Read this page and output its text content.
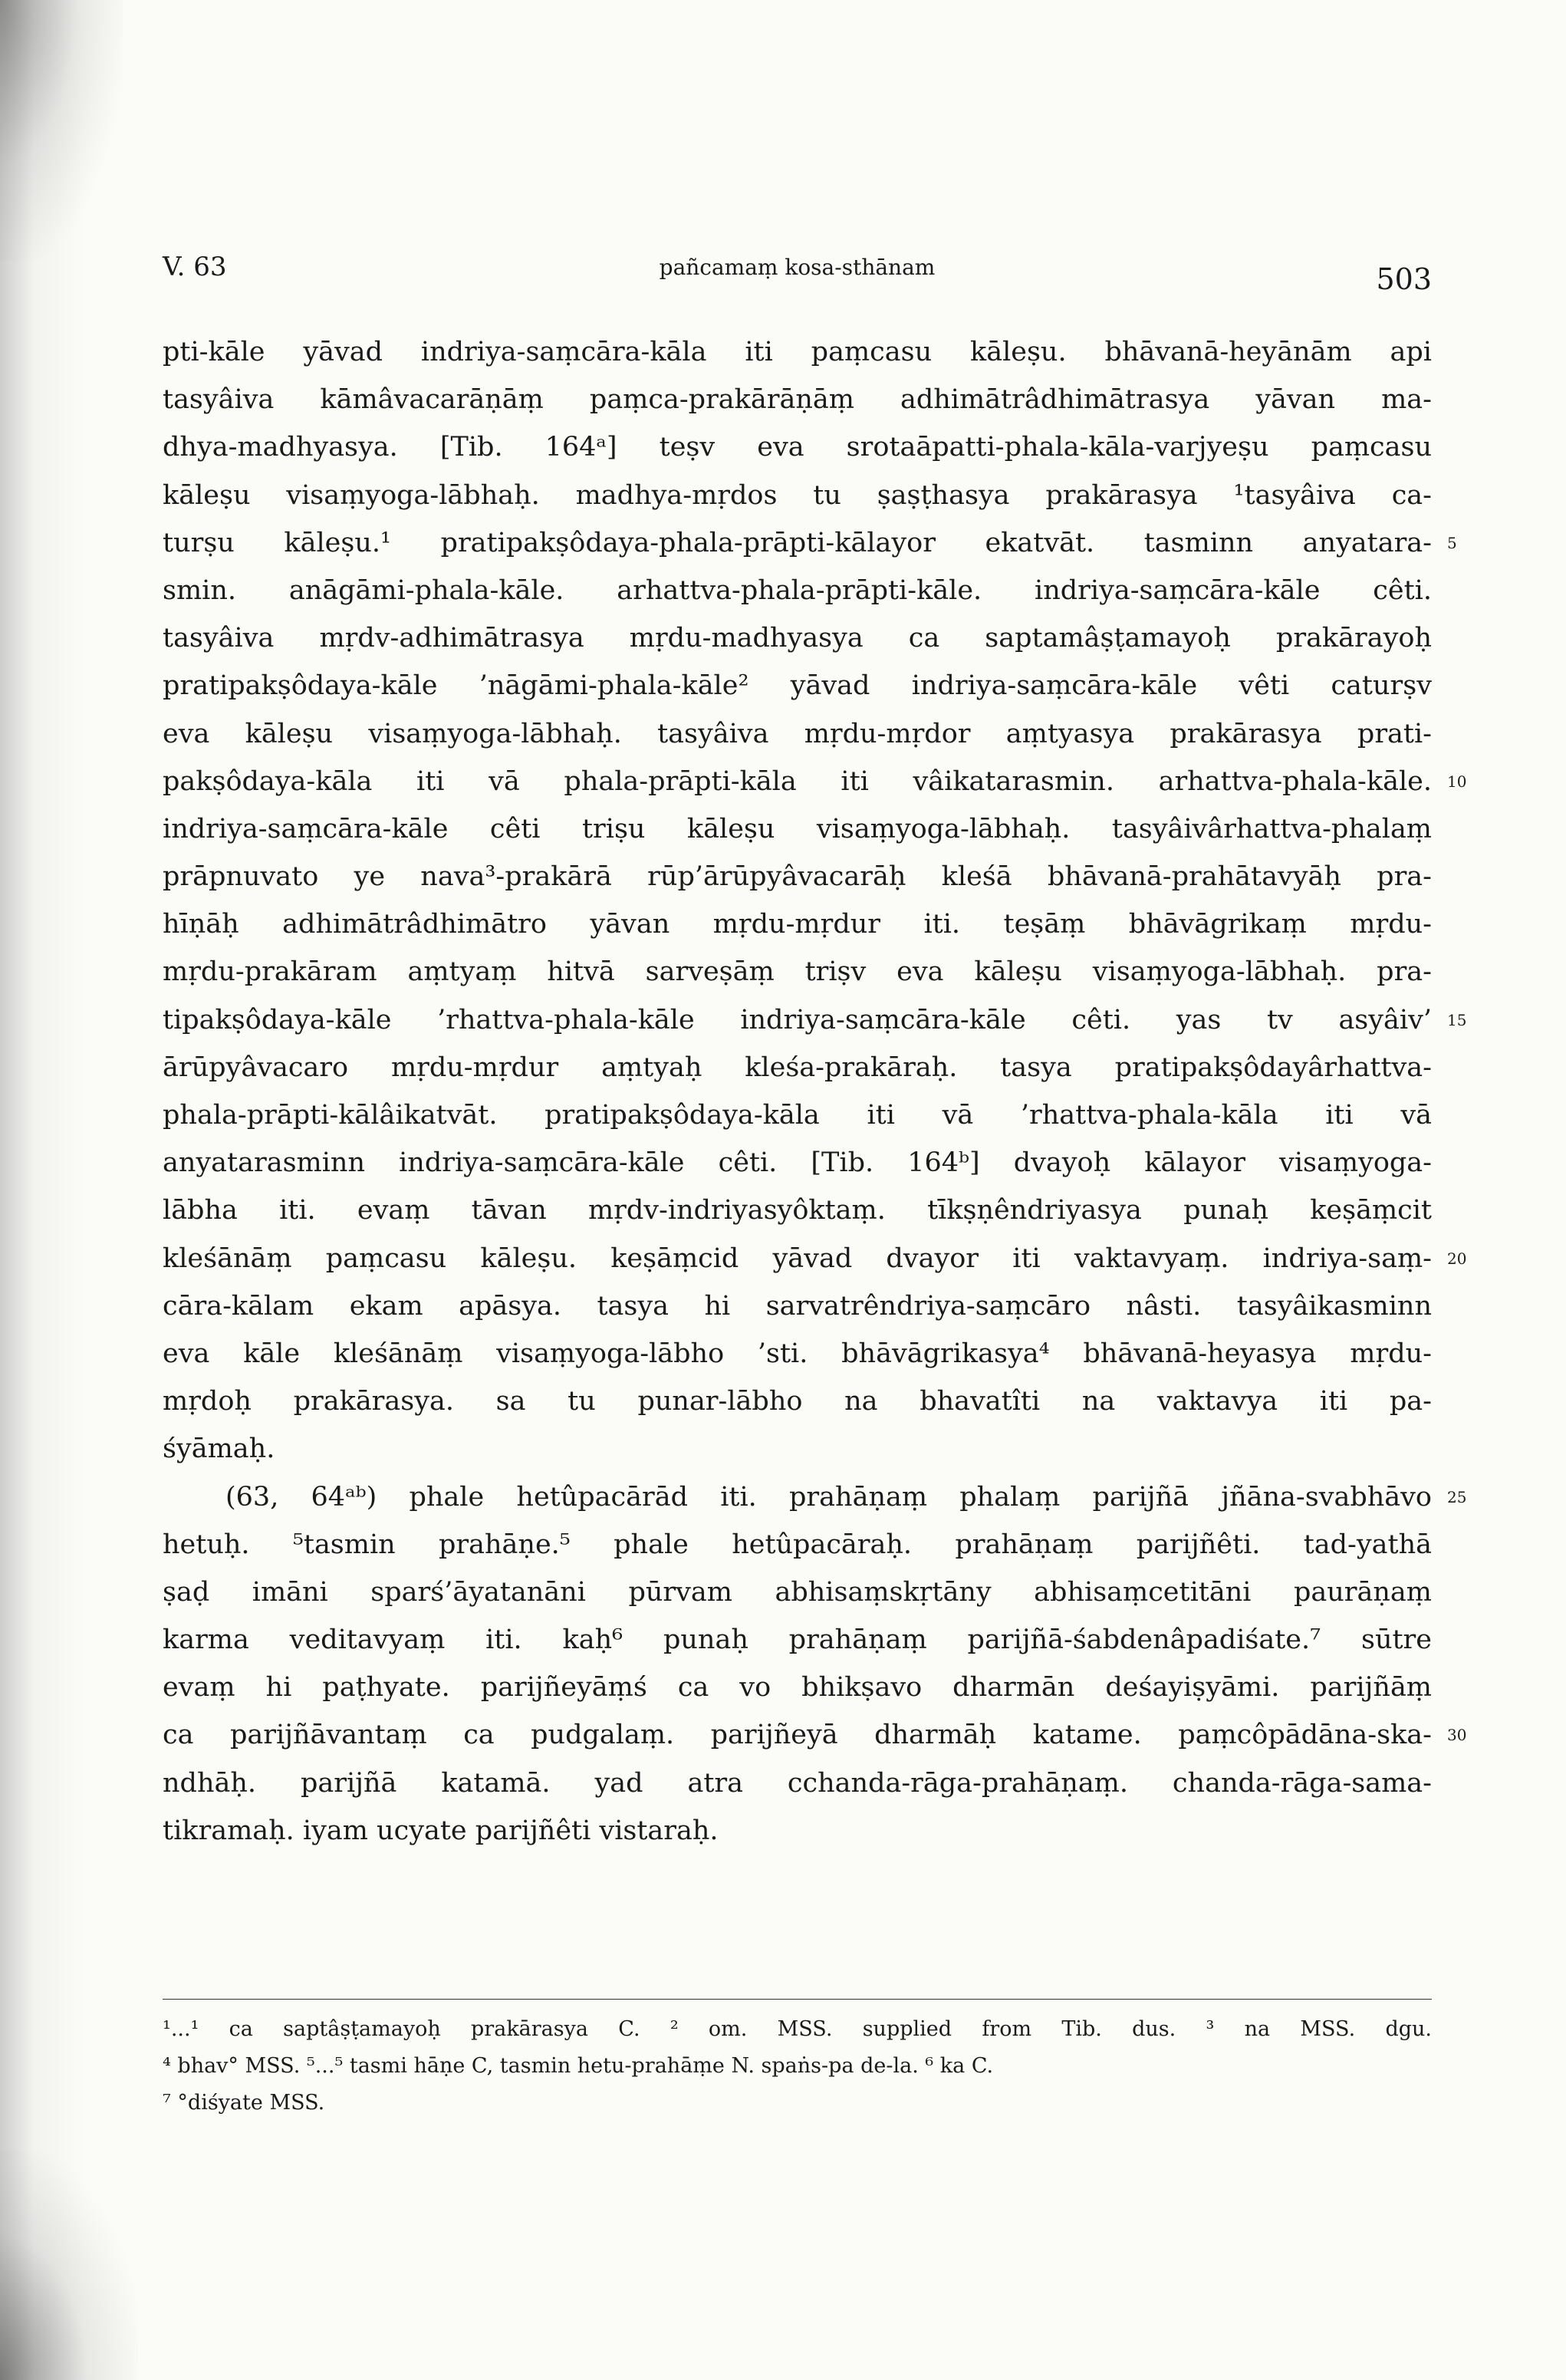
V. 63	pañcamaṃ kosa-sthānam	503
pti-kāle yāvad indriya-saṃcāra-kāla iti paṃcasu kāleṣu. bhāvanā-heyānām api
tasyâiva kāmâvacarāṇāṃ paṃca-prakārāṇāṃ adhimātrâdhimātrasya yāvan ma-
dhya-madhyasya. [Tib. 164ᵃ] teṣv eva srotaāpatti-phala-kāla-varjyeṣu paṃcasu
kāleṣu visaṃyoga-lābhaḥ. madhya-mṛdos tu ṣaṣṭhasya prakārasya ¹tasyâiva ca-
turṣu kāleṣu.¹ pratipakṣôdaya-phala-prāpti-kālayor ekatvāt. tasminn anyatara- 5
smin. anāgāmi-phala-kāle. arhattva-phala-prāpti-kāle. indriya-saṃcāra-kāle cêti.
tasyâiva mṛdv-adhimātrasya mṛdu-madhyasya ca saptamâṣṭamayoḥ prakārayoḥ
pratipakṣôdaya-kāle ’nāgāmi-phala-kāle² yāvad indriya-saṃcāra-kāle vêti caturṣv
eva kāleṣu visaṃyoga-lābhaḥ. tasyâiva mṛdu-mṛdor aṃtyasya prakārasya prati-
pakṣôdaya-kāla iti vā phala-prāpti-kāla iti vâikatarasmin. arhattva-phala-kāle. 10
indriya-saṃcāra-kāle cêti triṣu kāleṣu visaṃyoga-lābhaḥ. tasyâivârhattva-phalaṃ
prāpnuvato ye nava³-prakārā rūp’ārūpyâvacarāḥ kleśā bhāvanā-prahātavyāḥ pra-
hīṇāḥ adhimātrâdhimātro yāvan mṛdu-mṛdur iti. teṣāṃ bhāvāgrikaṃ mṛdu-
mṛdu-prakāram aṃtyaṃ hitvā sarveṣāṃ triṣv eva kāleṣu visaṃyoga-lābhaḥ. pra-
tipakṣôdaya-kāle ’rhattva-phala-kāle indriya-saṃcāra-kāle cêti. yas tv asyâiv’ 15
ārūpyâvacaro mṛdu-mṛdur aṃtyaḥ kleśa-prakāraḥ. tasya pratipakṣôdayârhattva-
phala-prāpti-kālâikatvāt. pratipakṣôdaya-kāla iti vā ’rhattva-phala-kāla iti vā
anyatarasminn indriya-saṃcāra-kāle cêti. [Tib. 164ᵇ] dvayoḥ kālayor visaṃyoga-
lābha iti. evaṃ tāvan mṛdv-indriyasyôktaṃ. tīkṣṇêndriyasya punaḥ keṣāṃcit
kleśānāṃ paṃcasu kāleṣu. keṣāṃcid yāvad dvayor iti vaktavyaṃ. indriya-saṃ- 20
cāra-kālam ekam apāsya. tasya hi sarvatrêndriya-saṃcāro nâsti. tasyâikasminn
eva kāle kleśānāṃ visaṃyoga-lābho ’sti. bhāvāgrikasya⁴ bhāvanā-heyasya mṛdu-
mṛdoḥ prakārasya. sa tu punar-lābho na bhavatîti na vaktavya iti pa-
śyāmaḥ.
(63, 64ᵃᵇ) phale hetûpacārād iti. prahāṇaṃ phalaṃ parijñā jñāna-svabhāvo 25
hetuḥ. ⁵tasmin prahāṇe.⁵ phale hetûpacāraḥ. prahāṇaṃ parijñêti. tad-yathā
ṣaḍ imāni sparś’āyatanāni pūrvam abhisaṃskṛtāny abhisaṃcetitāni paurāṇaṃ
karma veditavyaṃ iti. kaḥ⁶ punaḥ prahāṇaṃ parijñā-śabdenâpadiśate.⁷ sūtre
evaṃ hi paṭhyate. parijñeyāṃś ca vo bhikṣavo dharmān deśayiṣyāmi. parijñāṃ
ca parijñāvantaṃ ca pudgalaṃ. parijñeyā dharmāḥ katame. paṃcôpādāna-ska- 30
ndhāḥ. parijñā katamā. yad atra cchanda-rāga-prahāṇaṃ. chanda-rāga-sama-
tikramaḥ. iyam ucyate parijñêti vistaraḥ.
¹...¹ ca saptâṣṭamayoḥ prakārasya C. ² om. MSS. supplied from Tib. dus. ³ na MSS. dgu.
⁴ bhav° MSS. ⁵...⁵ tasmi hāṇe C, tasmin hetu-prahāṃe N. spaṅs-pa de-la. ⁶ ka C.
⁷ °diśyate MSS.
